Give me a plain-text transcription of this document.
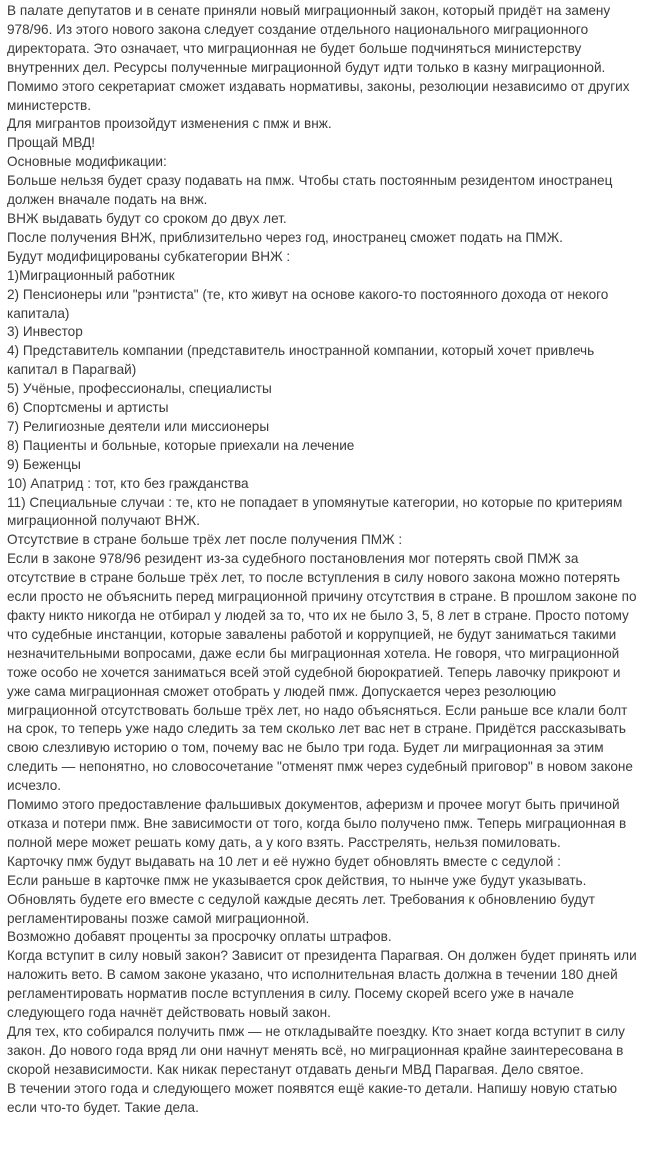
В палате депутатов и в сенате приняли новый миграционный закон, который придёт на замену 978/96. Из этого нового закона следует создание отдельного национального миграционного директората. Это означает, что миграционная не будет больше подчиняться министерству внутренних дел. Ресурсы полученные миграционной будут идти только в казну миграционной. Помимо этого секретариат сможет издавать нормативы, законы, резолюции независимо от других министерств.

Для мигрантов произойдут изменения с пмж и внж.

Прощай МВД!

Основные модификации:

Больше нельзя будет сразу подавать на пмж. Чтобы стать постоянным резидентом иностранец должен вначале подать на внж.

ВНЖ выдавать будут со сроком до двух лет.

После получения ВНЖ, приблизительно через год, иностранец сможет подать на ПМЖ.

Будут модифицированы субкатегории ВНЖ :

1)Миграционный работник

2) Пенсионеры или "рэнтиста" (те, кто живут на основе какого-то постоянного дохода от некого капитала)

3) Инвестор

4) Представитель компании (представитель иностранной компании, который хочет привлечь капитал в Парагвай)

5) Учёные, профессионалы, специалисты

6) Спортсмены и артисты

7) Религиозные деятели или миссионеры

8) Пациенты и больные, которые приехали на лечение

9) Беженцы

10) Апатрид : тот, кто без гражданства

11) Специальные случаи : те, кто не попадает в упомянутые категории, но которые по критериям миграционной получают ВНЖ.

Отсутствие в стране больше трёх лет после получения ПМЖ :

Если в законе 978/96 резидент из-за судебного постановления мог потерять свой ПМЖ за отсутствие в стране больше трёх лет, то после вступления в силу нового закона можно потерять если просто не объяснить перед миграционной причину отсутствия в стране. В прошлом законе по факту никто никогда не отбирал у людей за то, что их не было 3, 5, 8 лет в стране. Просто потому что судебные инстанции, которые завалены работой и коррупцией, не будут заниматься такими незначительными вопросами, даже если бы миграционная хотела. Не говоря, что миграционной тоже особо не хочется заниматься всей этой судебной бюрократией. Теперь лавочку прикроют и уже сама миграционная сможет отобрать у людей пмж. Допускается через резолюцию миграционной отсутствовать больше трёх лет, но надо объясняться. Если раньше все клали болт на срок, то теперь уже надо следить за тем сколько лет вас нет в стране. Придётся рассказывать свою слезливую историю о том, почему вас не было три года. Будет ли миграционная за этим следить — непонятно, но словосочетание "отменят пмж через судебный приговор" в новом законе исчезло.

Помимо этого предоставление фальшивых документов, аферизм и прочее могут быть причиной отказа и потери пмж. Вне зависимости от того, когда было получено пмж. Теперь миграционная в полной мере может решать кому дать, а у кого взять. Расстрелять, нельзя помиловать.

Карточку пмж будут выдавать на 10 лет и её нужно будет обновлять вместе с седулой :

Если раньше в карточке пмж не указывается срок действия, то нынче уже будут указывать. Обновлять будете его вместе с седулой каждые десять лет. Требования к обновлению будут регламентированы позже самой миграционной.

Возможно добавят проценты за просрочку оплаты штрафов.

Когда вступит в силу новый закон? Зависит от президента Парагвая. Он должен будет принять или наложить вето. В самом законе указано, что исполнительная власть должна в течении 180 дней регламентировать норматив после вступления в силу. Посему скорей всего уже в начале следующего года начнёт действовать новый закон.

Для тех, кто собирался получить пмж — не откладывайте поездку. Кто знает когда вступит в силу закон. До нового года вряд ли они начнут менять всё, но миграционная крайне заинтересована в скорой независимости. Как никак перестанут отдавать деньги МВД Парагвая. Дело святое.

В течении этого года и следующего может появятся ещё какие-то детали. Напишу новую статью если что-то будет. Такие дела.
